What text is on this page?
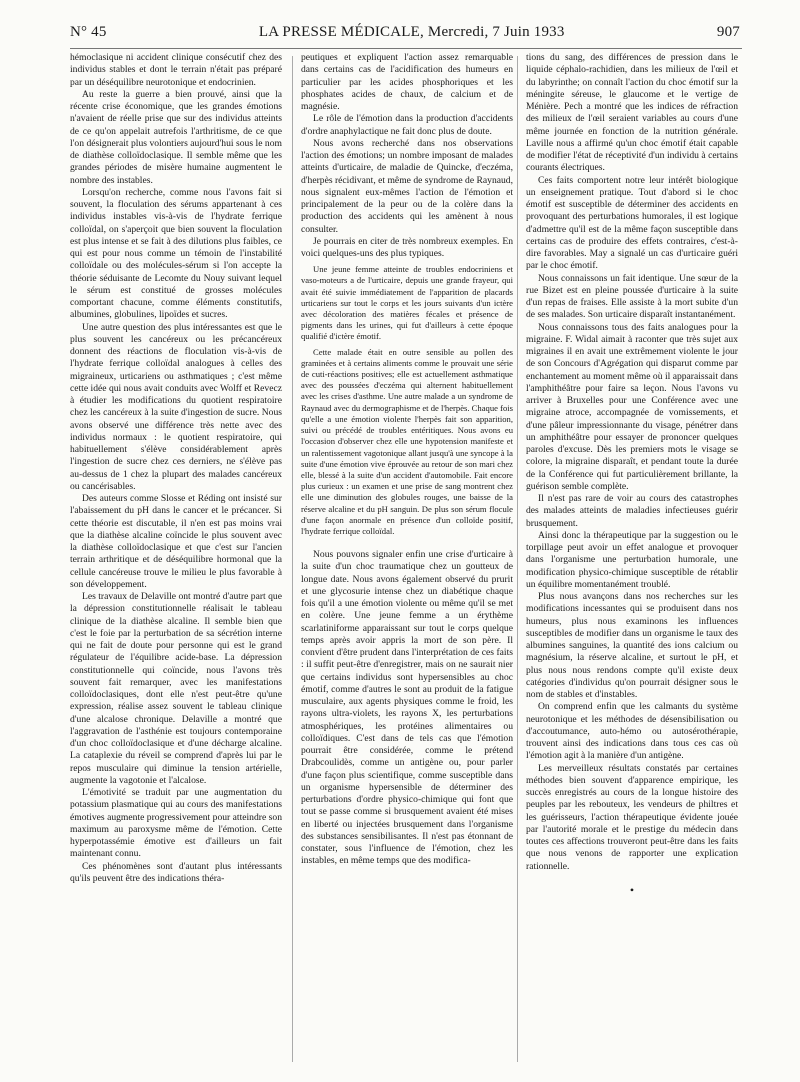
N° 45	LA PRESSE MÉDICALE, Mercredi, 7 Juin 1933	907

hémoclasique ni accident clinique consécutif chez des individus stables et dont le terrain n'était pas préparé par un déséquilibre neurotonique et endocrinien.

Au reste la guerre a bien prouvé, ainsi que la récente crise économique, que les grandes émotions n'avaient de réelle prise que sur des individus atteints de ce qu'on appelait autrefois l'arthritisme, de ce que l'on désignerait plus volontiers aujourd'hui sous le nom de diathèse colloïdoclasique. Il semble même que les grandes périodes de misère humaine augmentent le nombre des instables.

Lorsqu'on recherche, comme nous l'avons fait si souvent, la floculation des sérums appartenant à ces individus instables vis-à-vis de l'hydrate ferrique colloïdal, on s'aperçoit que bien souvent la floculation est plus intense et se fait à des dilutions plus faibles, ce qui est pour nous comme un témoin de l'instabilité colloïdale ou des molécules-sérum si l'on accepte la théorie séduisante de Lecomte du Nouy suivant lequel le sérum est constitué de grosses molécules comportant chacune, comme éléments constitutifs, albumines, globulines, lipoïdes et sucres.

Une autre question des plus intéressantes est que le plus souvent les cancéreux ou les précancéreux donnent des réactions de floculation vis-à-vis de l'hydrate ferrique colloïdal analogues à celles des migraineux, urticariens ou asthmatiques ; c'est même cette idée qui nous avait conduits avec Wolff et Revecz à étudier les modifications du quotient respiratoire chez les cancéreux à la suite d'ingestion de sucre. Nous avons observé une différence très nette avec des individus normaux : le quotient respiratoire, qui habituellement s'élève considérablement après l'ingestion de sucre chez ces derniers, ne s'élève pas au-dessus de 1 chez la plupart des malades cancéreux ou cancérisables.

Des auteurs comme Slosse et Réding ont insisté sur l'abaissement du pH dans le cancer et le précancer. Si cette théorie est discutable, il n'en est pas moins vrai que la diathèse alcaline coïncide le plus souvent avec la diathèse colloïdoclasique et que c'est sur l'ancien terrain arthritique et de déséquilibre hormonal que la cellule cancéreuse trouve le milieu le plus favorable à son développement.

Les travaux de Delaville ont montré d'autre part que la dépression constitutionnelle réalisait le tableau clinique de la diathèse alcaline. Il semble bien que c'est le foie par la perturbation de sa sécrétion interne qui ne fait de doute pour personne qui est le grand régulateur de l'équilibre acide-base. La dépression constitutionnelle qui coïncide, nous l'avons très souvent fait remarquer, avec les manifestations colloïdoclasiques, dont elle n'est peut-être qu'une expression, réalise assez souvent le tableau clinique d'une alcalose chronique. Delaville a montré que l'aggravation de l'asthénie est toujours contemporaine d'un choc colloïdoclasique et d'une décharge alcaline. La cataplexie du réveil se comprend d'après lui par le repos musculaire qui diminue la tension artérielle, augmente la vagotonie et l'alcalose.

L'émotivité se traduit par une augmentation du potassium plasmatique qui au cours des manifestations émotives augmente progressivement pour atteindre son maximum au paroxysme même de l'émotion. Cette hyperpotassémie émotive est d'ailleurs un fait maintenant connu.

Ces phénomènes sont d'autant plus intéressants qu'ils peuvent être des indications théra-

peutiques et expliquent l'action assez remarquable dans certains cas de l'acidification des humeurs en particulier par les acides phosphoriques et les phosphates acides de chaux, de calcium et de magnésie.

Le rôle de l'émotion dans la production d'accidents d'ordre anaphylactique ne fait donc plus de doute.

Nous avons recherché dans nos observations l'action des émotions; un nombre imposant de malades atteints d'urticaire, de maladie de Quincke, d'eczéma, d'herpès récidivant, et même de syndrome de Raynaud, nous signalent eux-mêmes l'action de l'émotion et principalement de la peur ou de la colère dans la production des accidents qui les amènent à nous consulter.

Je pourrais en citer de très nombreux exemples. En voici quelques-uns des plus typiques.

Une jeune femme atteinte de troubles endocriniens et vaso-moteurs a de l'urticaire, depuis une grande frayeur, qui avait été suivie immédiatement de l'apparition de placards urticariens sur tout le corps et les jours suivants d'un ictère avec décoloration des matières fécales et présence de pigments dans les urines, qui fut d'ailleurs à cette époque qualifié d'ictère émotif.

Cette malade était en outre sensible au pollen des graminées et à certains aliments comme le prouvait une série de cuti-réactions positives; elle est actuellement asthmatique avec des poussées d'eczéma qui alternent habituellement avec les crises d'asthme. Une autre malade a un syndrome de Raynaud avec du dermographisme et de l'herpès. Chaque fois qu'elle a une émotion violente l'herpès fait son apparition, suivi ou précédé de troubles entéritiques. Nous avons eu l'occasion d'observer chez elle une hypotension manifeste et un ralentissement vagotonique allant jusqu'à une syncope à la suite d'une émotion vive éprouvée au retour de son mari chez elle, blessé à la suite d'un accident d'automobile. Fait encore plus curieux : un examen et une prise de sang montrent chez elle une diminution des globules rouges, une baisse de la réserve alcaline et du pH sanguin. De plus son sérum flocule d'une façon anormale en présence d'un colloïde positif, l'hydrate ferrique colloïdal.

Nous pouvons signaler enfin une crise d'urticaire à la suite d'un choc traumatique chez un goutteux de longue date. Nous avons également observé du prurit et une glycosurie intense chez un diabétique chaque fois qu'il a une émotion violente ou même qu'il se met en colère. Une jeune femme a un érythème scarlatiniforme apparaissant sur tout le corps quelque temps après avoir appris la mort de son père. Il convient d'être prudent dans l'interprétation de ces faits : il suffit peut-être d'enregistrer, mais on ne saurait nier que certains individus sont hypersensibles au choc émotif, comme d'autres le sont au produit de la fatigue musculaire, aux agents physiques comme le froid, les rayons ultra-violets, les rayons X, les perturbations atmosphériques, les protéines alimentaires ou colloïdiques. C'est dans de tels cas que l'émotion pourrait être considérée, comme le prétend Drabcoulidès, comme un antigène ou, pour parler d'une façon plus scientifique, comme susceptible dans un organisme hypersensible de déterminer des perturbations d'ordre physico-chimique qui font que tout se passe comme si brusquement avaient été mises en liberté ou injectées brusquement dans l'organisme des substances sensibilisantes. Il n'est pas étonnant de constater, sous l'influence de l'émotion, chez les instables, en même temps que des modifica-

tions du sang, des différences de pression dans le liquide céphalo-rachidien, dans les milieux de l'œil et du labyrinthe; on connaît l'action du choc émotif sur la méningite séreuse, le glaucome et le vertige de Ménière. Pech a montré que les indices de réfraction des milieux de l'œil seraient variables au cours d'une même journée en fonction de la nutrition générale. Laville nous a affirmé qu'un choc émotif était capable de modifier l'état de réceptivité d'un individu à certains courants électriques.

Ces faits comportent notre leur intérêt biologique un enseignement pratique. Tout d'abord si le choc émotif est susceptible de déterminer des accidents en provoquant des perturbations humorales, il est logique d'admettre qu'il est de la même façon susceptible dans certains cas de produire des effets contraires, c'est-à-dire favorables. May a signalé un cas d'urticaire guéri par le choc émotif.

Nous connaissons un fait identique. Une sœur de la rue Bizet est en pleine poussée d'urticaire à la suite d'un repas de fraises. Elle assiste à la mort subite d'un de ses malades. Son urticaire disparaît instantanément.

Nous connaissons tous des faits analogues pour la migraine. F. Widal aimait à raconter que très sujet aux migraines il en avait une extrêmement violente le jour de son Concours d'Agrégation qui disparut comme par enchantement au moment même où il apparaissait dans l'amphithéâtre pour faire sa leçon. Nous l'avons vu arriver à Bruxelles pour une Conférence avec une migraine atroce, accompagnée de vomissements, et d'une pâleur impressionnante du visage, pénétrer dans un amphithéâtre pour essayer de prononcer quelques paroles d'excuse. Dès les premiers mots le visage se colore, la migraine disparaît, et pendant toute la durée de la Conférence qui fut particulièrement brillante, la guérison semble complète.

Il n'est pas rare de voir au cours des catastrophes des malades atteints de maladies infectieuses guérir brusquement.

Ainsi donc la thérapeutique par la suggestion ou le torpillage peut avoir un effet analogue et provoquer dans l'organisme une perturbation humorale, une modification physico-chimique susceptible de rétablir un équilibre momentanément troublé.

Plus nous avançons dans nos recherches sur les modifications incessantes qui se produisent dans nos humeurs, plus nous examinons les influences susceptibles de modifier dans un organisme le taux des albumines sanguines, la quantité des ions calcium ou magnésium, la réserve alcaline, et surtout le pH, et plus nous nous rendons compte qu'il existe deux catégories d'individus qu'on pourrait désigner sous le nom de stables et d'instables.

On comprend enfin que les calmants du système neurotonique et les méthodes de désensibilisation ou d'accoutumance, auto-hémo ou autosérothérapie, trouvent ainsi des indications dans tous ces cas où l'émotion agit à la manière d'un antigène.

Les merveilleux résultats constatés par certaines méthodes bien souvent d'apparence empirique, les succès enregistrés au cours de la longue histoire des peuples par les rebouteux, les vendeurs de philtres et les guérisseurs, l'action thérapeutique évidente jouée par l'autorité morale et le prestige du médecin dans toutes ces affections trouveront peut-être dans les faits que nous venons de rapporter une explication rationnelle.

•
